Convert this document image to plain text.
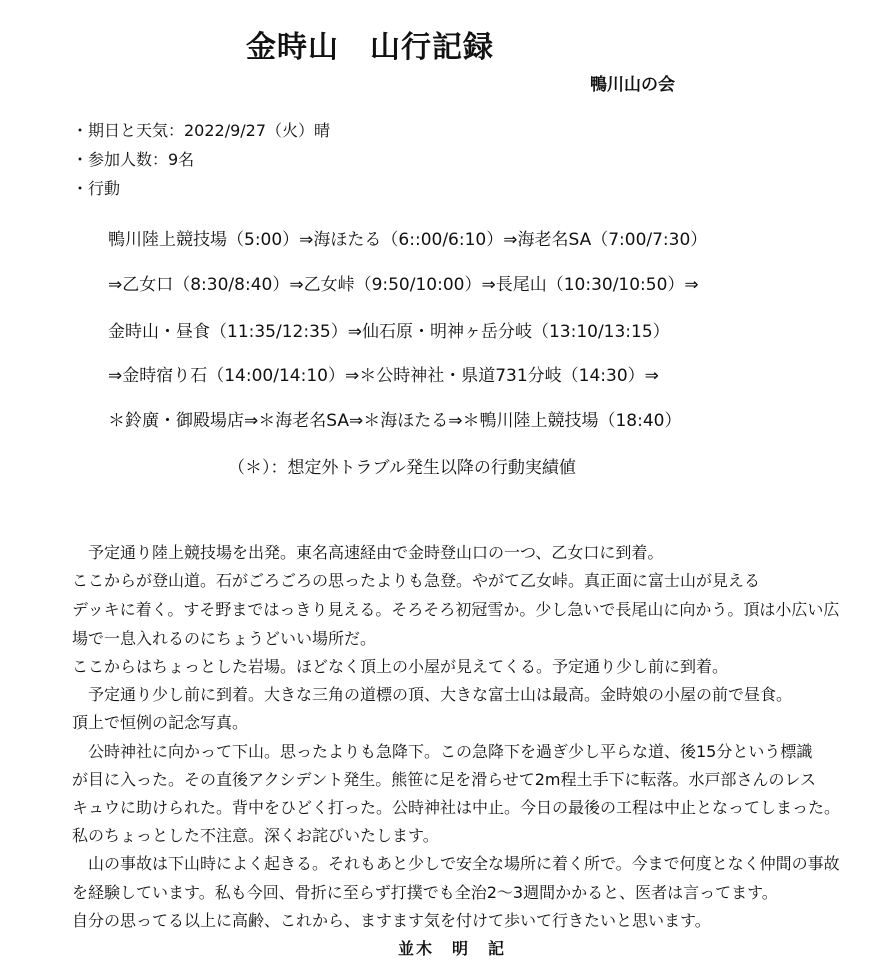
金時山　山行記録
鴨川山の会
・期日と天気：2022/9/27（火）晴
・参加人数：9名
・行動
鴨川陸上競技場（5:00）⇒海ほたる（6::00/6:10）⇒海老名SA（7:00/7:30）
⇒乙女口（8:30/8:40）⇒乙女峠（9:50/10:00）⇒長尾山（10:30/10:50）⇒
金時山・昼食（11:35/12:35）⇒仙石原・明神ヶ岳分岐（13:10/13:15）
⇒金時宿り石（14:00/14:10）⇒＊公時神社・県道731分岐（14:30）⇒
＊鈴廣・御殿場店⇒＊海老名SA⇒＊海ほたる⇒＊鴨川陸上競技場（18:40）
（＊）：想定外トラブル発生以降の行動実績値
　予定通り陸上競技場を出発。東名高速経由で金時登山口の一つ、乙女口に到着。
ここからが登山道。石がごろごろの思ったよりも急登。やがて乙女峠。真正面に富士山が見える
デッキに着く。すそ野まではっきり見える。そろそろ初冠雪か。少し急いで長尾山に向かう。頂は小広い広
場で一息入れるのにちょうどいい場所だ。
ここからはちょっとした岩場。ほどなく頂上の小屋が見えてくる。予定通り少し前に到着。
　予定通り少し前に到着。大きな三角の道標の頂、大きな富士山は最高。金時娘の小屋の前で昼食。
頂上で恒例の記念写真。
　公時神社に向かって下山。思ったよりも急降下。この急降下を過ぎ少し平らな道、後15分という標識
が目に入った。その直後アクシデント発生。熊笹に足を滑らせて2m程土手下に転落。水戸部さんのレス
キュウに助けられた。背中をひどく打った。公時神社は中止。今日の最後の工程は中止となってしまった。
私のちょっとした不注意。深くお詫びいたします。
　山の事故は下山時によく起きる。それもあと少しで安全な場所に着く所で。今まで何度となく仲間の事故
を経験しています。私も今回、骨折に至らず打撲でも全治2〜3週間かかると、医者は言ってます。
自分の思ってる以上に高齢、これから、ますます気を付けて歩いて行きたいと思います。
並木　明　記
